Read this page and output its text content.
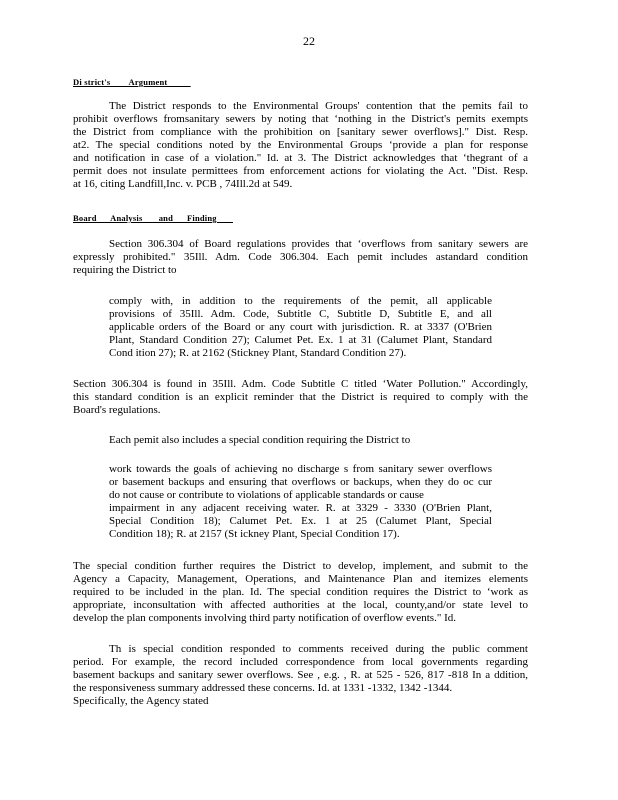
22
Di strict's        Argument
The District responds to the Environmental Groups' contention that the pemits fail to
prohibit overflows fromsanitary sewers by noting that ‘nothing in the District's pemits exempts
the District from compliance with the prohibition on [sanitary sewer overflows]." Dist. Resp.
at2. The special conditions noted by the Environmental Groups ‘provide a plan for response
and notification in case of a violation." Id. at 3. The District acknowledges that ‘thegrant of a
permit does not insulate permittees from enforcement actions for violating the Act. "Dist. Resp.
at 16, citing Landfill,Inc. v. PCB , 74Ill.2d at 549.
Board      Analysis       and      Finding
Section 306.304 of Board regulations provides that ‘overflows from sanitary sewers are
expressly prohibited." 35Ill. Adm. Code 306.304. Each pemit includes astandard condition
requiring the District to
comply with, in addition to the requirements of the pemit, all applicable
provisions of 35Ill. Adm. Code, Subtitle C, Subtitle D, Subtitle E, and all
applicable orders of the Board or any court with jurisdiction. R. at 3337 (O'Brien
Plant, Standard Condition 27); Calumet Pet. Ex. 1 at 31 (Calumet Plant, Standard
Cond ition 27); R. at 2162 (Stickney Plant, Standard Condition 27).
Section 306.304 is found in 35Ill. Adm. Code Subtitle C titled ‘Water Pollution." Accordingly,
this standard condition is an explicit reminder that the District is required to comply with the
Board's regulations.
Each pemit also includes a special condition requiring the District to
work towards the goals of achieving no discharge s from sanitary sewer overflows
or basement backups and ensuring that overflows or backups, when they do oc cur
do not cause or contribute to violations of applicable standards or cause
impairment in any adjacent receiving water. R. at 3329 - 3330 (O'Brien Plant,
Special Condition 18); Calumet Pet. Ex. 1 at 25 (Calumet Plant, Special
Condition 18); R. at 2157 (St ickney Plant, Special Condition 17).
The special condition further requires the District to develop, implement, and submit to the
Agency a Capacity, Management, Operations, and Maintenance Plan and itemizes elements
required to be included in the plan. Id. The special condition requires the District to ‘work as
appropriate, inconsultation with affected authorities at the local, county,and/or state level to
develop the plan components involving third party notification of overflow events." Id.
Th is special condition responded to comments received during the public comment
period. For example, the record included correspondence from local governments regarding
basement backups and sanitary sewer overflows. See , e.g. , R. at 525 - 526, 817 -818 In a ddition,
the responsiveness summary addressed these concerns. Id. at 1331 -1332, 1342 -1344.
Specifically, the Agency stated
